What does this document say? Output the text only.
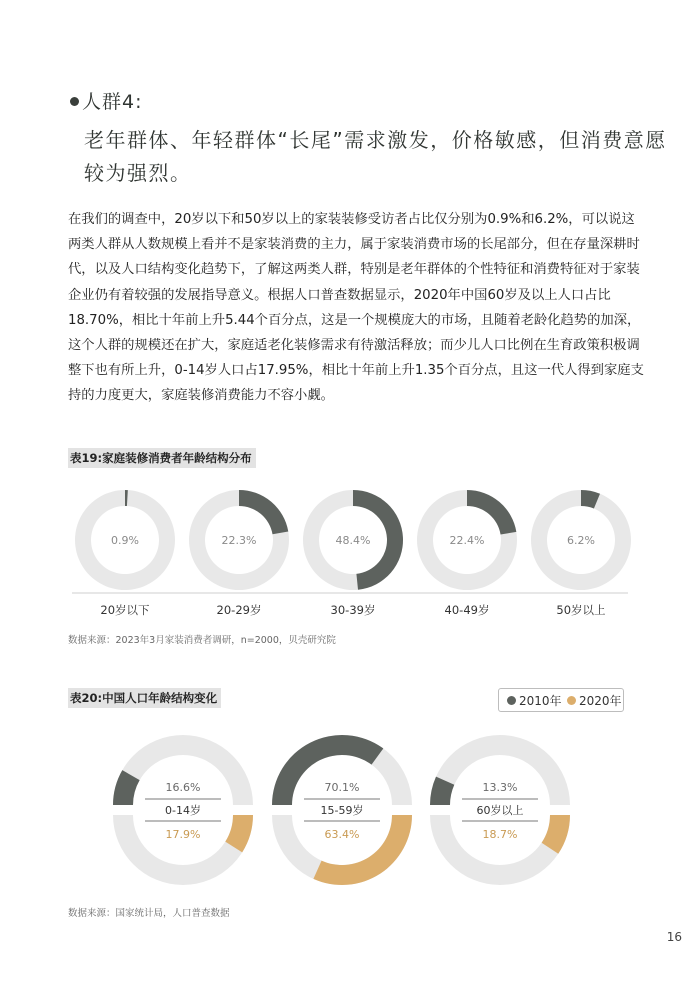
人群4:
老年群体、年轻群体“长尾”需求激发，价格敏感，但消费意愿
较为强烈。
在我们的调查中，20岁以下和50岁以上的家装装修受访者占比仅分别为0.9%和6.2%，可以说这
两类人群从人数规模上看并不是家装消费的主力，属于家装消费市场的长尾部分，但在存量深耕时
代，以及人口结构变化趋势下，了解这两类人群，特别是老年群体的个性特征和消费特征对于家装
企业仍有着较强的发展指导意义。根据人口普查数据显示，2020年中国60岁及以上人口占比
18.70%，相比十年前上升5.44个百分点，这是一个规模庞大的市场，且随着老龄化趋势的加深，
这个人群的规模还在扩大，家庭适老化装修需求有待激活释放；而少儿人口比例在生育政策积极调
整下也有所上升，0-14岁人口占17.95%，相比十年前上升1.35个百分点，且这一代人得到家庭支
持的力度更大，家庭装修消费能力不容小觑。
表19:家庭装修消费者年龄结构分布
0.9%
20岁以下
22.3%
20-29岁
48.4%
30-39岁
22.4%
40-49岁
6.2%
50岁以上
数据来源：2023年3月家装消费者调研，n=2000，贝壳研究院
表20:中国人口年龄结构变化	2010年 2020年
16.6%
0-14岁
17.9%
70.1%
15-59岁
63.4%
13.3%
60岁以上
18.7%
数据来源：国家统计局，人口普查数据
16
